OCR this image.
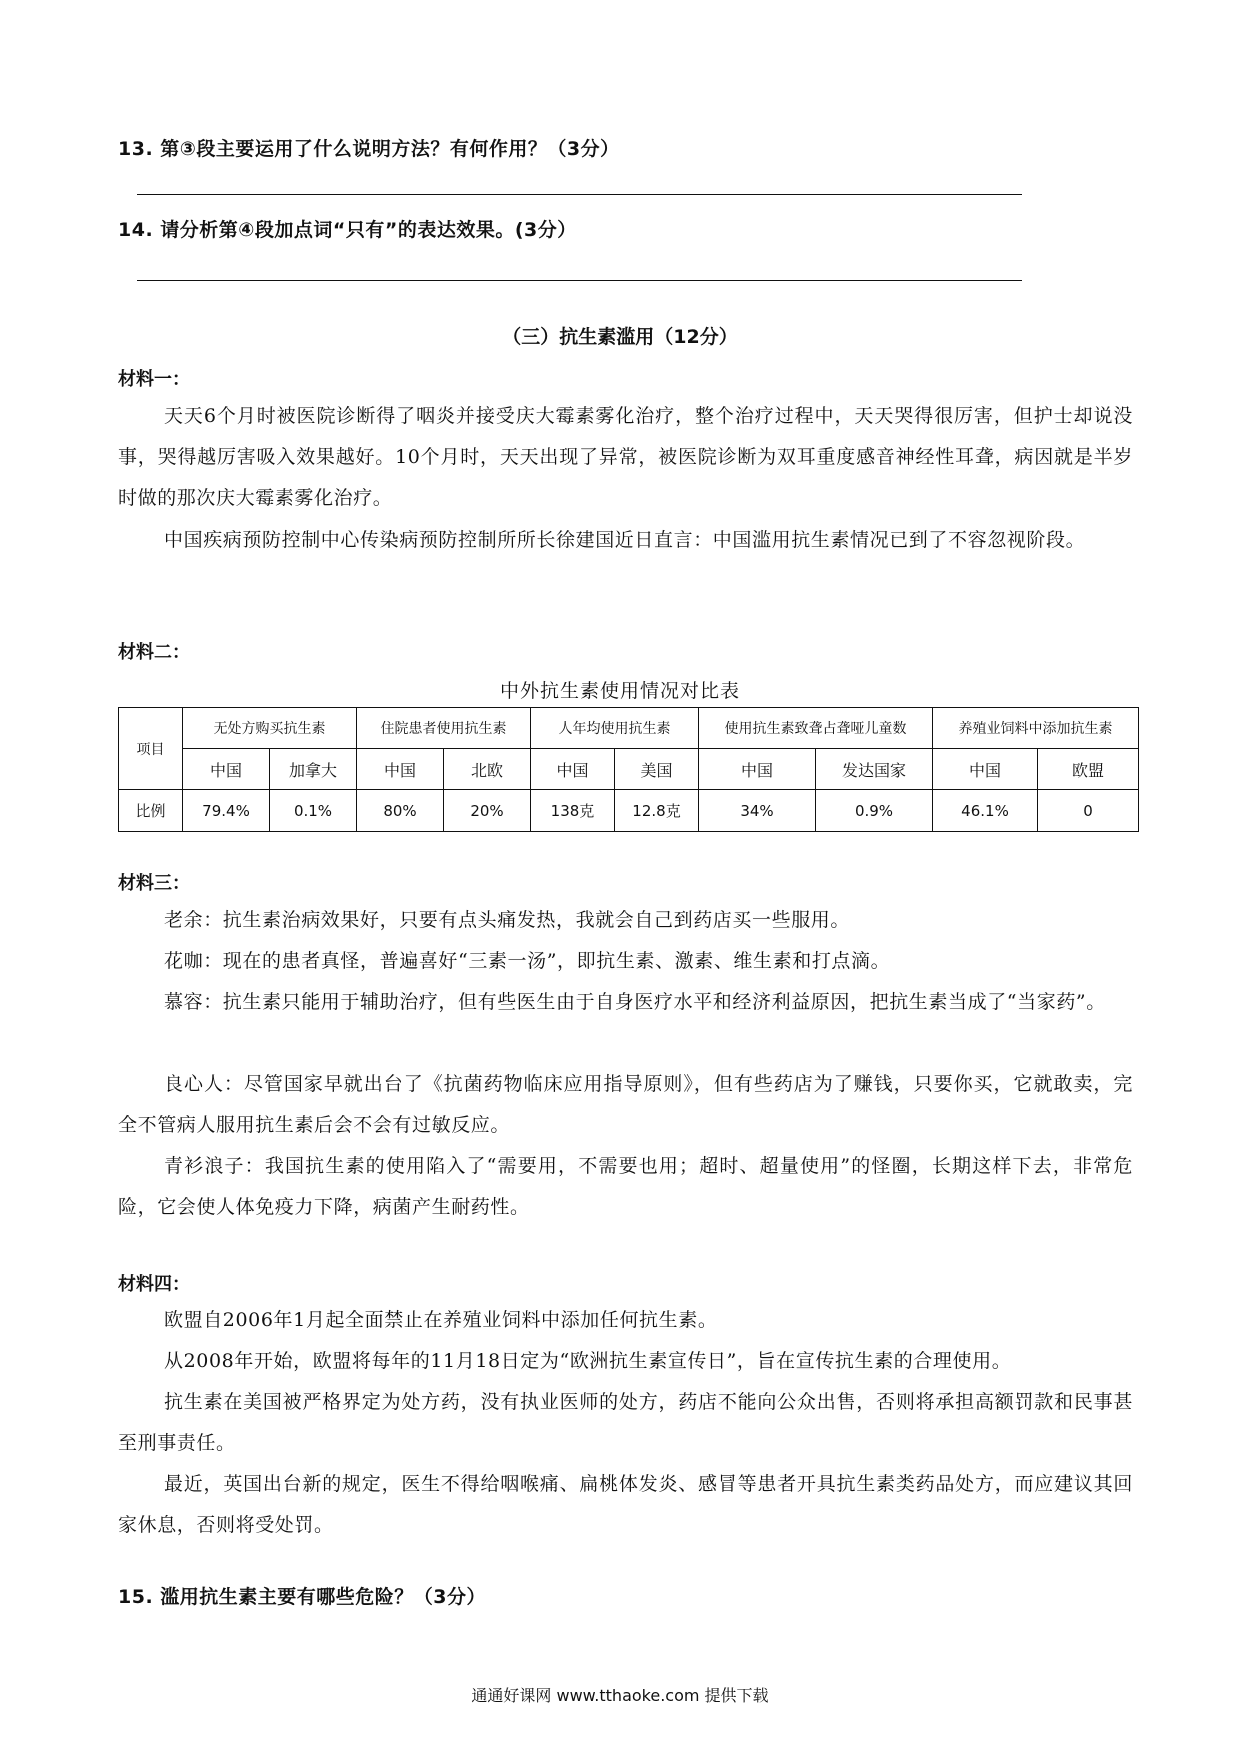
13. 第③段主要运用了什么说明方法？有何作用？（3分）
14. 请分析第④段加点词“只有”的表达效果。(3分）
（三）抗生素滥用（12分）
材料一：
天天6个月时被医院诊断得了咽炎并接受庆大霉素雾化治疗，整个治疗过程中，天天哭得很厉害，但护士却说没事，哭得越厉害吸入效果越好。10个月时，天天出现了异常，被医院诊断为双耳重度感音神经性耳聋，病因就是半岁时做的那次庆大霉素雾化治疗。
中国疾病预防控制中心传染病预防控制所所长徐建国近日直言：中国滥用抗生素情况已到了不容忽视阶段。
材料二：
中外抗生素使用情况对比表
项目	无处方购买抗生素		住院患者使用抗生素		人年均使用抗生素		使用抗生素致聋占聋哑儿童数		养殖业饲料中添加抗生素	
	中国	加拿大	中国	北欧	中国	美国	中国	发达国家	中国	欧盟
比例	79.4%	0.1%	80%	20%	138克	12.8克	34%	0.9%	46.1%	0
材料三：
老余：抗生素治病效果好，只要有点头痛发热，我就会自己到药店买一些服用。
花咖：现在的患者真怪，普遍喜好“三素一汤”，即抗生素、激素、维生素和打点滴。
慕容：抗生素只能用于辅助治疗，但有些医生由于自身医疗水平和经济利益原因，把抗生素当成了“当家药”。
良心人：尽管国家早就出台了《抗菌药物临床应用指导原则》，但有些药店为了赚钱，只要你买，它就敢卖，完全不管病人服用抗生素后会不会有过敏反应。
青衫浪子：我国抗生素的使用陷入了“需要用，不需要也用；超时、超量使用”的怪圈，长期这样下去，非常危险，它会使人体免疫力下降，病菌产生耐药性。
材料四：
欧盟自2006年1月起全面禁止在养殖业饲料中添加任何抗生素。
从2008年开始，欧盟将每年的11月18日定为“欧洲抗生素宣传日”，旨在宣传抗生素的合理使用。
抗生素在美国被严格界定为处方药，没有执业医师的处方，药店不能向公众出售，否则将承担高额罚款和民事甚至刑事责任。
最近，英国出台新的规定，医生不得给咽喉痛、扁桃体发炎、感冒等患者开具抗生素类药品处方，而应建议其回家休息，否则将受处罚。
15. 滥用抗生素主要有哪些危险？（3分）
通通好课网 www.tthaoke.com 提供下载
